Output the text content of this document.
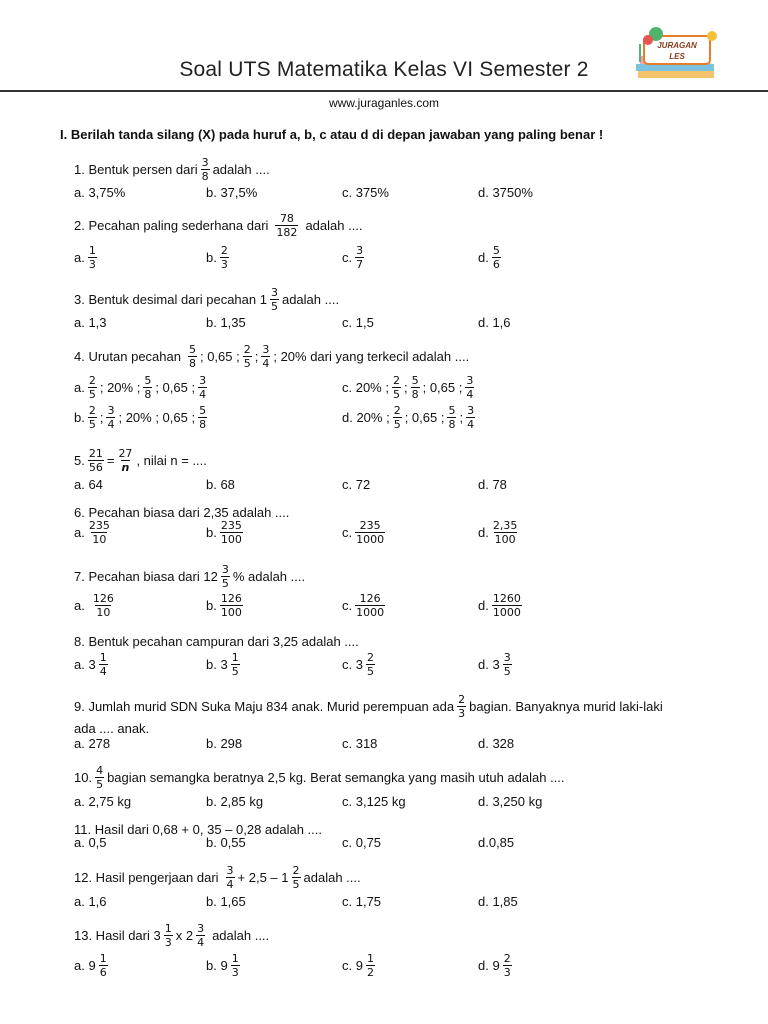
JURAGAN
LES
Soal UTS Matematika Kelas VI Semester 2
www.juraganles.com
I. Berilah tanda silang (X) pada huruf a, b, c atau d di depan jawaban yang paling benar !
1. Bentuk persen dari $\frac{3}{8}$ adalah ....
a. 3,75%	b. 37,5%	c. 375%	d. 3750%
2. Pecahan paling sederhana dari $\frac{78}{182}$ adalah ....
a. $\frac{1}{3}$	b. $\frac{2}{3}$	c. $\frac{3}{7}$	d. $\frac{5}{6}$
3. Bentuk desimal dari pecahan $1 \frac{3}{5}$ adalah ....
a. 1,3	b. 1,35	c. 1,5	d. 1,6
4. Urutan pecahan $\frac{5}{8}$ ; 0,65 ; $\frac{2}{5}$ ; $\frac{3}{4}$ ; 20% dari yang terkecil adalah ....
a. $\frac{2}{5}$ ; 20% ; $\frac{5}{8}$ ; 0,65 ; $\frac{3}{4}$	c. 20% ; $\frac{2}{5}$ ; $\frac{5}{8}$ ; 0,65 ; $\frac{3}{4}$
b. $\frac{2}{5}$ ; $\frac{3}{4}$ ; 20% ; 0,65 ; $\frac{5}{8}$	d. 20% ; $\frac{2}{5}$ ; 0,65 ; $\frac{5}{8}$ ; $\frac{3}{4}$
5. $\frac{21}{56} = \frac{27}{n}$ , nilai n = ....
a. 64	b. 68	c. 72	d. 78
6. Pecahan biasa dari 2,35 adalah ....
a. $\frac{235}{10}$	b. $\frac{235}{100}$	c. $\frac{235}{1000}$	d. $\frac{2,35}{100}$
7. Pecahan biasa dari $12 \frac{3}{5}$ % adalah ....
a. $\frac{126}{10}$	b. $\frac{126}{100}$	c. $\frac{126}{1000}$	d. $\frac{1260}{1000}$
8. Bentuk pecahan campuran dari 3,25 adalah ....
a. $3 \frac{1}{4}$	b. $3 \frac{1}{5}$	c. $3 \frac{2}{5}$	d. $3 \frac{3}{5}$
9. Jumlah murid SDN Suka Maju 834 anak. Murid perempuan ada $\frac{2}{3}$ bagian. Banyaknya murid laki-laki
ada .... anak.
a. 278	b. 298	c. 318	d. 328
10. $\frac{4}{5}$ bagian semangka beratnya 2,5 kg. Berat semangka yang masih utuh adalah ....
a. 2,75 kg	b. 2,85 kg	c. 3,125 kg	d. 3,250 kg
11. Hasil dari 0,68 + 0, 35 – 0,28 adalah ....
a. 0,5	b. 0,55	c. 0,75	d.0,85
12. Hasil pengerjaan dari $\frac{3}{4} + 2,5 - 1 \frac{2}{5}$ adalah ....
a. 1,6	b. 1,65	c. 1,75	d. 1,85
13. Hasil dari $3 \frac{1}{3}$ x $2 \frac{3}{4}$ adalah ....
a. $9 \frac{1}{6}$	b. $9 \frac{1}{3}$	c. $9 \frac{1}{2}$	d. $9 \frac{2}{3}$
